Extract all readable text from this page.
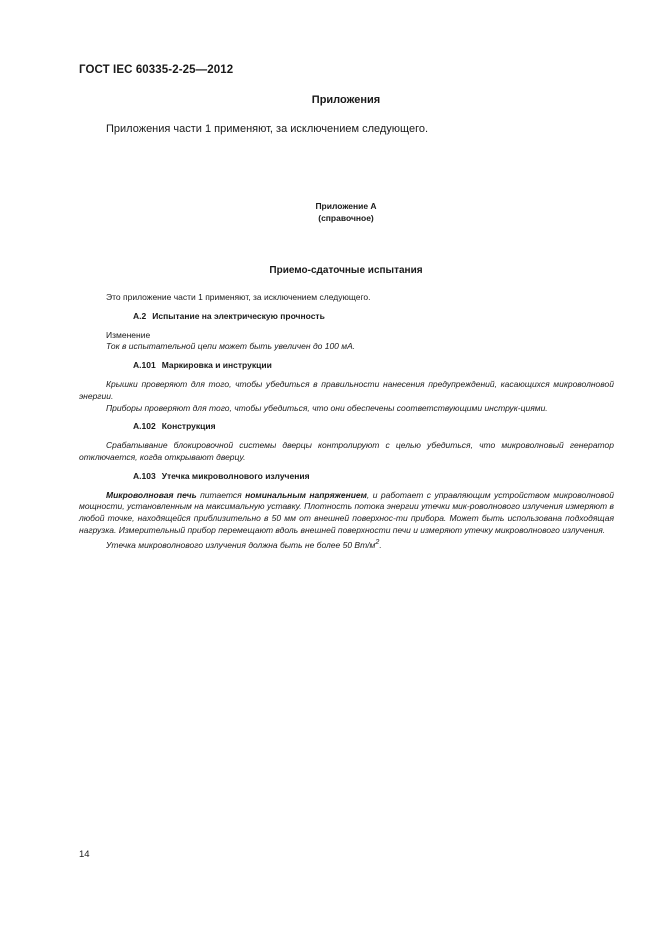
ГОСТ IEC 60335-2-25—2012
Приложения
Приложения части 1 применяют, за исключением следующего.
Приложение А
(справочное)
Приемо-сдаточные испытания

Это приложение части 1 применяют, за исключением следующего.

А.2 Испытание на электрическую прочность

Изменение

Ток в испытательной цепи может быть увеличен до 100 мА.

А.101 Маркировка и инструкции

Крышки проверяют для того, чтобы убедиться в правильности нанесения предупреждений, касающихся микроволновой энергии.

Приборы проверяют для того, чтобы убедиться, что они обеспечены соответствующими инструк-циями.

А.102 Конструкция

Срабатывание блокировочной системы дверцы контролируют с целью убедиться, что микроволновый генератор отключается, когда открывают дверцу.

А.103 Утечка микроволнового излучения

Микроволновая печь питается номинальным напряжением, и работает с управляющим устройством микроволновой мощности, установленным на максимальную уставку. Плотность потока энергии утечки мик-роволнового излучения измеряют в любой точке, находящейся приблизительно в 50 мм от внешней поверхнос-ти прибора. Может быть использована подходящая нагрузка. Измерительный прибор перемещают вдоль внешней поверхности печи и измеряют утечку микроволнового излучения.

Утечка микроволнового излучения должна быть не более 50 $Вт/м^2$.

14
